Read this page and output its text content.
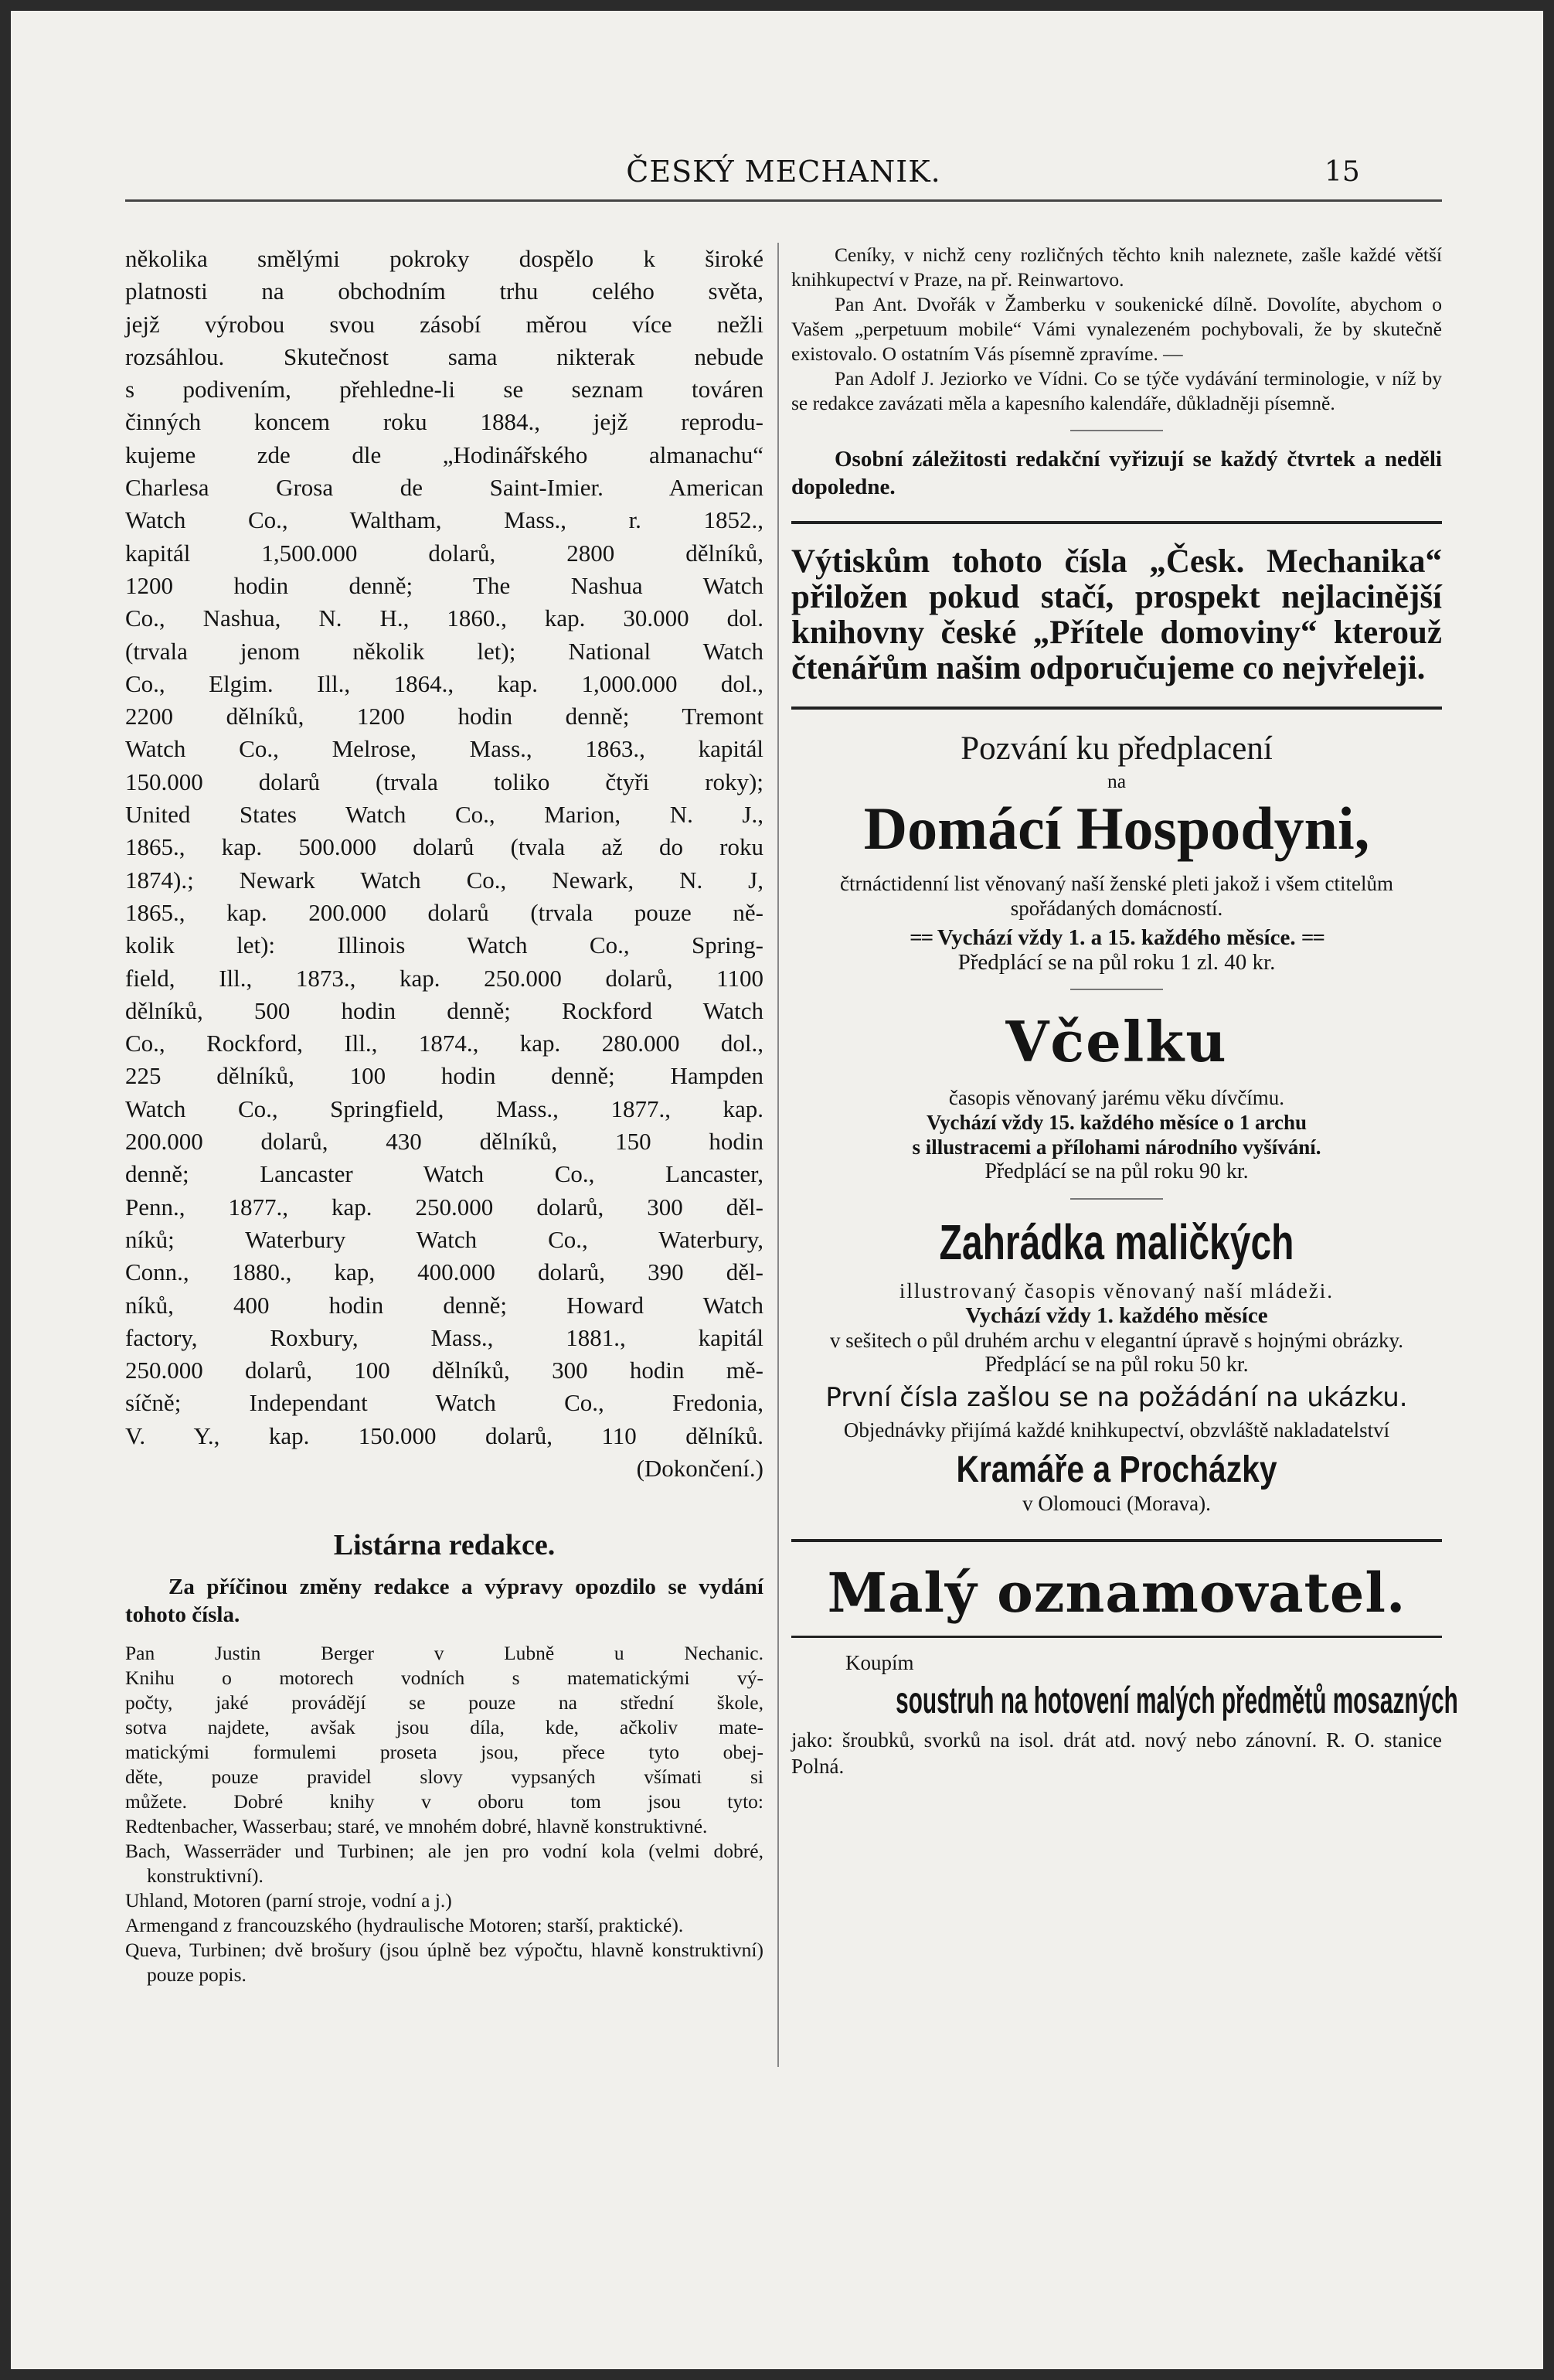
ČESKÝ MECHANIK.	15

několika smělými pokroky dospělo k široké

platnosti na obchodním trhu celého světa,

jejž výrobou svou zásobí měrou více nežli

rozsáhlou. Skutečnost sama nikterak nebude

s podivením, přehledne-li se seznam továren

činných koncem roku 1884., jejž reprodu-

kujeme zde dle „Hodinářského almanachu“

Charlesa Grosa de Saint-Imier. American

Watch Co., Waltham, Mass., r. 1852.,

kapitál 1,500.000 dolarů, 2800 dělníků,

1200 hodin denně; The Nashua Watch

Co., Nashua, N. H., 1860., kap. 30.000 dol.

(trvala jenom několik let); National Watch

Co., Elgim. Ill., 1864., kap. 1,000.000 dol.,

2200 dělníků, 1200 hodin denně; Tremont

Watch Co., Melrose, Mass., 1863., kapitál

150.000 dolarů (trvala toliko čtyři roky);

United States Watch Co., Marion, N. J.,

1865., kap. 500.000 dolarů (tvala až do roku

1874).; Newark Watch Co., Newark, N. J,

1865., kap. 200.000 dolarů (trvala pouze ně-

kolik let): Illinois Watch Co., Spring-

field, Ill., 1873., kap. 250.000 dolarů, 1100

dělníků, 500 hodin denně; Rockford Watch

Co., Rockford, Ill., 1874., kap. 280.000 dol.,

225 dělníků, 100 hodin denně; Hampden

Watch Co., Springfield, Mass., 1877., kap.

200.000 dolarů, 430 dělníků, 150 hodin

denně; Lancaster Watch Co., Lancaster,

Penn., 1877., kap. 250.000 dolarů, 300 děl-

níků; Waterbury Watch Co., Waterbury,

Conn., 1880., kap, 400.000 dolarů, 390 děl-

níků, 400 hodin denně; Howard Watch

factory, Roxbury, Mass., 1881., kapitál

250.000 dolarů, 100 dělníků, 300 hodin mě-

síčně; Independant Watch Co., Fredonia,

V. Y., kap. 150.000 dolarů, 110 dělníků.

(Dokončení.)

Listárna redakce.

Za příčinou změny redakce a výpravy opozdilo se vydání tohoto čísla.

Pan Justin Berger v Lubně u Nechanic.

Knihu o motorech vodních s matematickými vý-

počty, jaké provádějí se pouze na střední škole,

sotva najdete, avšak jsou díla, kde, ačkoliv mate-

matickými formulemi prosetа jsou, přece tyto obej-

děte, pouze pravidel slovy vypsaných všímati si

můžete. Dobré knihy v oboru tom jsou tyto:

Redtenbacher, Wasserbau; staré, ve mnohém dobré, hlavně konstruktivné.

Bach, Wasserräder und Turbinen; ale jen pro vodní kola (velmi dobré, konstruktivní).

Uhland, Motoren (parní stroje, vodní a j.)

Armengand z francouzského (hydraulische Motoren; starší, praktické).

Queva, Turbinen; dvě brošury (jsou úplně bez výpočtu, hlavně konstruktivní) pouze popis.

Ceníky, v nichž ceny rozličných těchto knih naleznete, zašle každé větší knihkupectví v Praze, na př. Reinwartovo.

Pan Ant. Dvořák v Žamberku v soukenické dílně. Dovolíte, abychom o Vašem „perpetuum mobile“ Vámi vynalezeném pochybovali, že by skutečně existovalo. O ostatním Vás písemně zpravíme. —

Pan Adolf J. Jeziorko ve Vídni. Co se týče vydávání terminologie, v níž by se redakce zavázati měla a kapesního kalendáře, důkladněji písemně.

Osobní záležitosti redakční vyřizují se každý čtvrtek a neděli dopoledne.

Výtiskům tohoto čísla „Česk. Mechanika“ přiložen pokud stačí, prospekt nejlacinější knihovny české „Přítele domoviny“ kterouž čtenářům našim odporučujeme co nejvřeleji.

Pozvání ku předplacení
na
Domácí Hospodyni,

čtrnáctidenní list věnovaný naší ženské pleti jakož i všem ctitelům spořádaných domácností.

== Vychází vždy 1. a 15. každého měsíce. ==

Předplácí se na půl roku 1 zl. 40 kr.

Včelku

časopis věnovaný jarému věku dívčímu.

Vychází vždy 15. každého měsíce o 1 archu

s illustracemi a přílohami národního vyšívání.

Předplácí se na půl roku 90 kr.

Zahrádka maličkých

illustrovaný časopis věnovaný naší mládeži.

Vychází vždy 1. každého měsíce

v sešitech o půl druhém archu v elegantní úpravě s hojnými obrázky.

Předplácí se na půl roku 50 kr.

První čísla zašlou se na požádání na ukázku.

Objednávky přijímá každé knihkupectví, obzvláště nakladatelství

Kramáře a Procházky

v Olomouci (Morava).

Malý oznamovatel.

Koupím

soustruh na hotovení malých předmětů mosazných

jako: šroubků, svorků na isol. drát atd. nový nebo zánovní. R. O. stanice Polná.
